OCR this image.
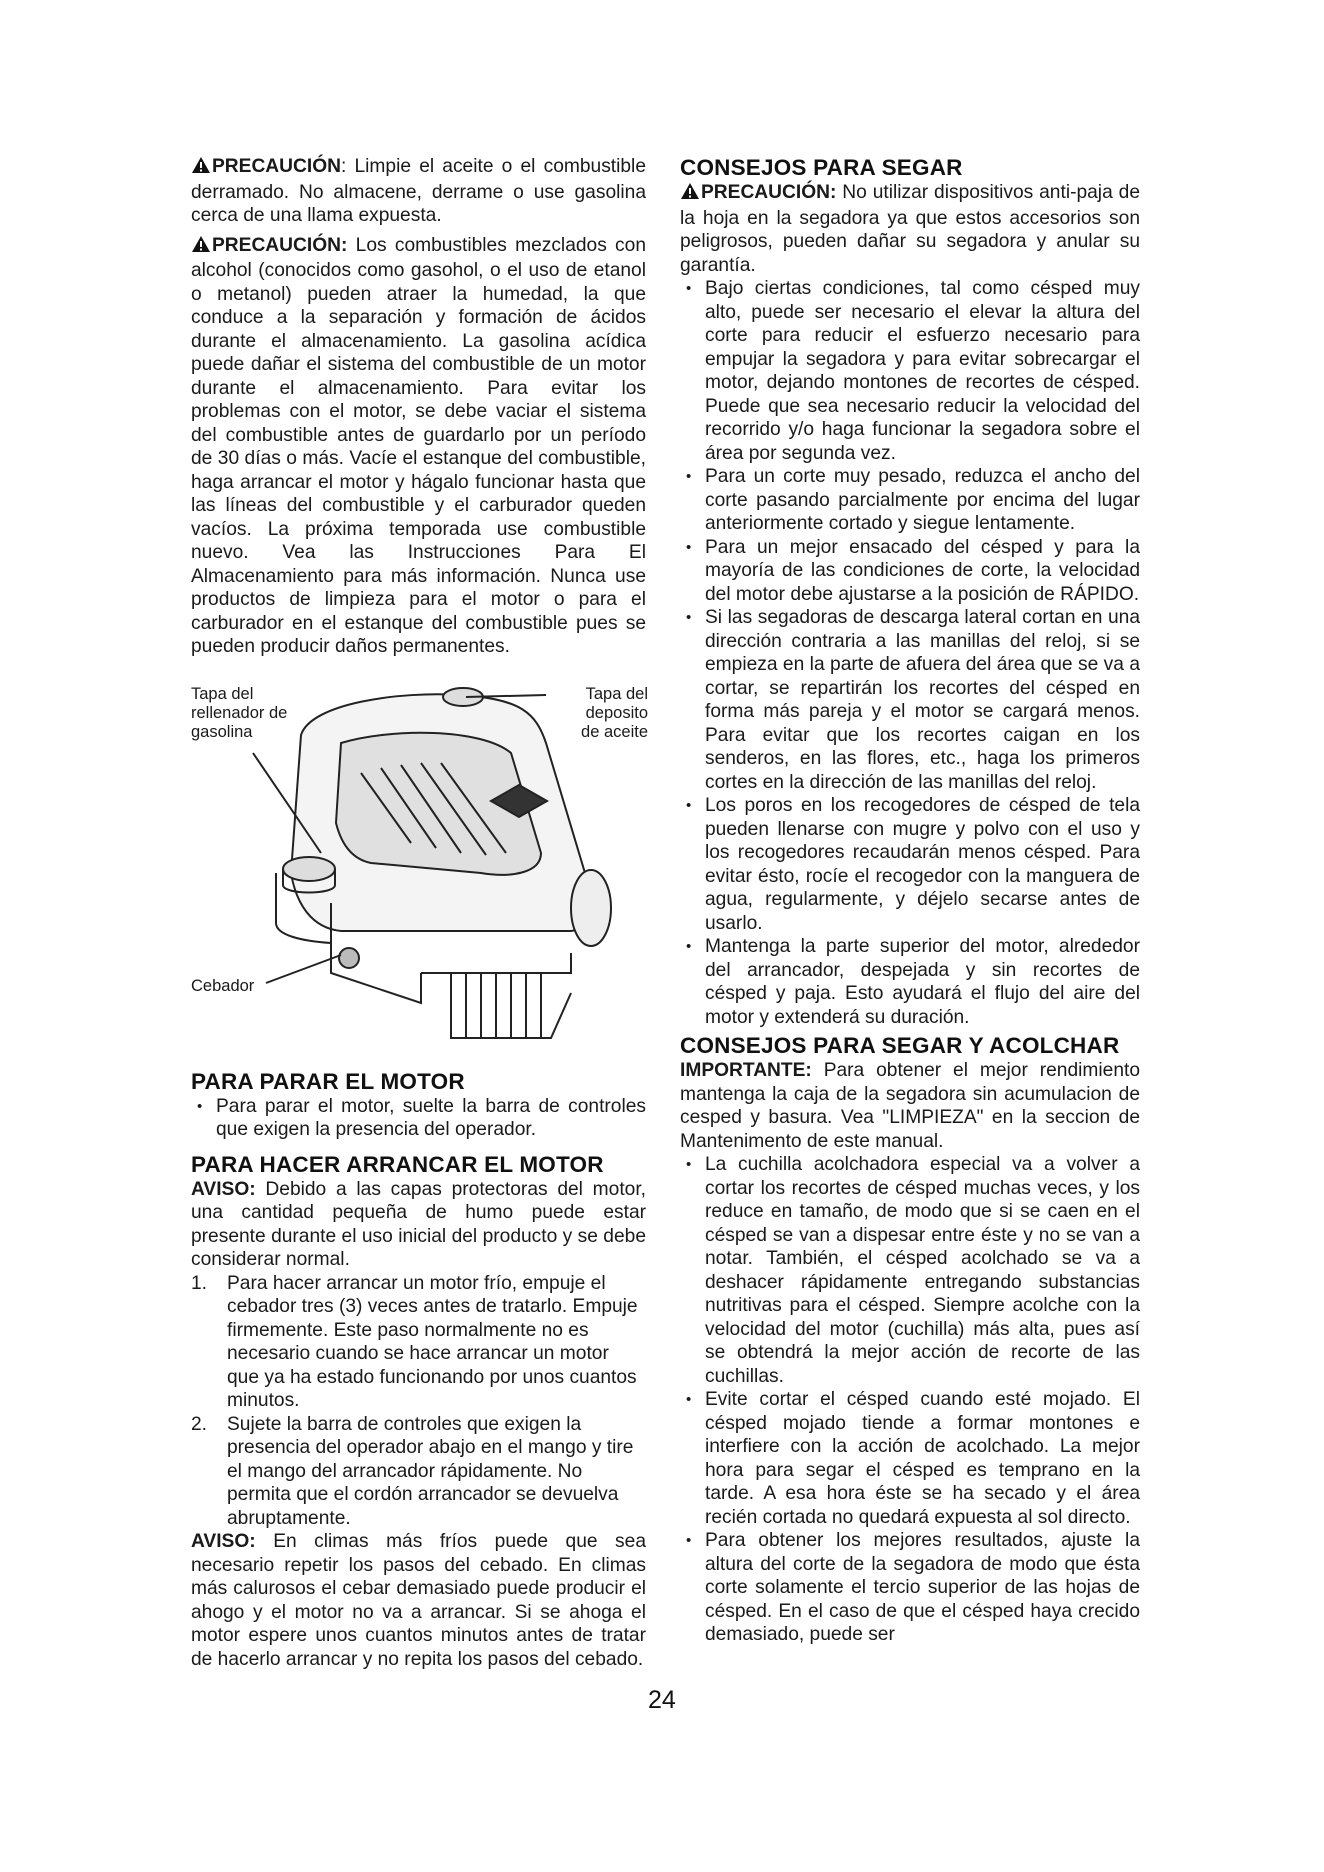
PRECAUCIÓN: Limpie el aceite o el combustible derramado. No almacene, derrame o use gasolina cerca de una llama expuesta.

PRECAUCIÓN: Los combustibles mezclados con alcohol (conocidos como gasohol, o el uso de etanol o metanol) pueden atraer la humedad, la que conduce a la separación y formación de ácidos durante el almacenamiento. La gasolina acídica puede dañar el sistema del combustible de un motor durante el almacenamiento. Para evitar los problemas con el motor, se debe vaciar el sistema del combustible antes de guardarlo por un período de 30 días o más. Vacíe el estanque del combustible, haga arrancar el motor y hágalo funcionar hasta que las líneas del combustible y el carburador queden vacíos. La próxima temporada use combustible nuevo. Vea las Instrucciones Para El Almacenamiento para más información. Nunca use productos de limpieza para el motor o para el carburador en el estanque del combustible pues se pueden producir daños permanentes.

Tapa del rellenador de gasolina
Tapa del deposito de aceite
Cebador
PARA PARAR EL MOTOR
• Para parar el motor, suelte la barra de controles que exigen la presencia del operador.
PARA HACER ARRANCAR EL MOTOR

AVISO: Debido a las capas protectoras del motor, una cantidad pequeña de humo puede estar presente durante el uso inicial del producto y se debe considerar normal.

1. Para hacer arrancar un motor frío, empuje el cebador tres (3) veces antes de tratarlo. Empuje firmemente. Este paso normalmente no es necesario cuando se hace arrancar un motor que ya ha estado funcionando por unos cuantos minutos.
2. Sujete la barra de controles que exigen la presencia del operador abajo en el mango y tire el mango del arrancador rápidamente. No permita que el cordón arrancador se devuelva abruptamente.

AVISO: En climas más fríos puede que sea necesario repetir los pasos del cebado. En climas más calurosos el cebar demasiado puede producir el ahogo y el motor no va a arrancar. Si se ahoga el motor espere unos cuantos minutos antes de tratar de hacerlo arrancar y no repita los pasos del cebado.

CONSEJOS PARA SEGAR

PRECAUCIÓN: No utilizar dispositivos anti-paja de la hoja en la segadora ya que estos accesorios son peligrosos, pueden dañar su segadora y anular su garantía.

• Bajo ciertas condiciones, tal como césped muy alto, puede ser necesario el elevar la altura del corte para reducir el esfuerzo necesario para empujar la segadora y para evitar sobrecargar el motor, dejando montones de recortes de césped. Puede que sea necesario reducir la velocidad del recorrido y/o haga funcionar la segadora sobre el área por segunda vez.
• Para un corte muy pesado, reduzca el ancho del corte pasando parcialmente por encima del lugar anteriormente cortado y siegue lentamente.
• Para un mejor ensacado del césped y para la mayoría de las condiciones de corte, la velocidad del motor debe ajustarse a la posición de RÁPIDO.
• Si las segadoras de descarga lateral cortan en una dirección contraria a las manillas del reloj, si se empieza en la parte de afuera del área que se va a cortar, se repartirán los recortes del césped en forma más pareja y el motor se cargará menos. Para evitar que los recortes caigan en los senderos, en las flores, etc., haga los primeros cortes en la dirección de las manillas del reloj.
• Los poros en los recogedores de césped de tela pueden llenarse con mugre y polvo con el uso y los recogedores recaudarán menos césped. Para evitar ésto, rocíe el recogedor con la manguera de agua, regularmente, y déjelo secarse antes de usarlo.
• Mantenga la parte superior del motor, alrededor del arrancador, despejada y sin recortes de césped y paja. Esto ayudará el flujo del aire del motor y extenderá su duración.
CONSEJOS PARA SEGAR Y ACOLCHAR

IMPORTANTE: Para obtener el mejor rendimiento mantenga la caja de la segadora sin acumulacion de cesped y basura. Vea "LIMPIEZA" en la seccion de Mantenimento de este manual.

• La cuchilla acolchadora especial va a volver a cortar los recortes de césped muchas veces, y los reduce en tamaño, de modo que si se caen en el césped se van a dispesar entre éste y no se van a notar. También, el césped acolchado se va a deshacer rápidamente entregando substancias nutritivas para el césped. Siempre acolche con la velocidad del motor (cuchilla) más alta, pues así se obtendrá la mejor acción de recorte de las cuchillas.
• Evite cortar el césped cuando esté mojado. El césped mojado tiende a formar montones e interfiere con la acción de acolchado. La mejor hora para segar el césped es temprano en la tarde. A esa hora éste se ha secado y el área recién cortada no quedará expuesta al sol directo.
• Para obtener los mejores resultados, ajuste la altura del corte de la segadora de modo que ésta corte solamente el tercio superior de las hojas de césped. En el caso de que el césped haya crecido demasiado, puede ser
24
